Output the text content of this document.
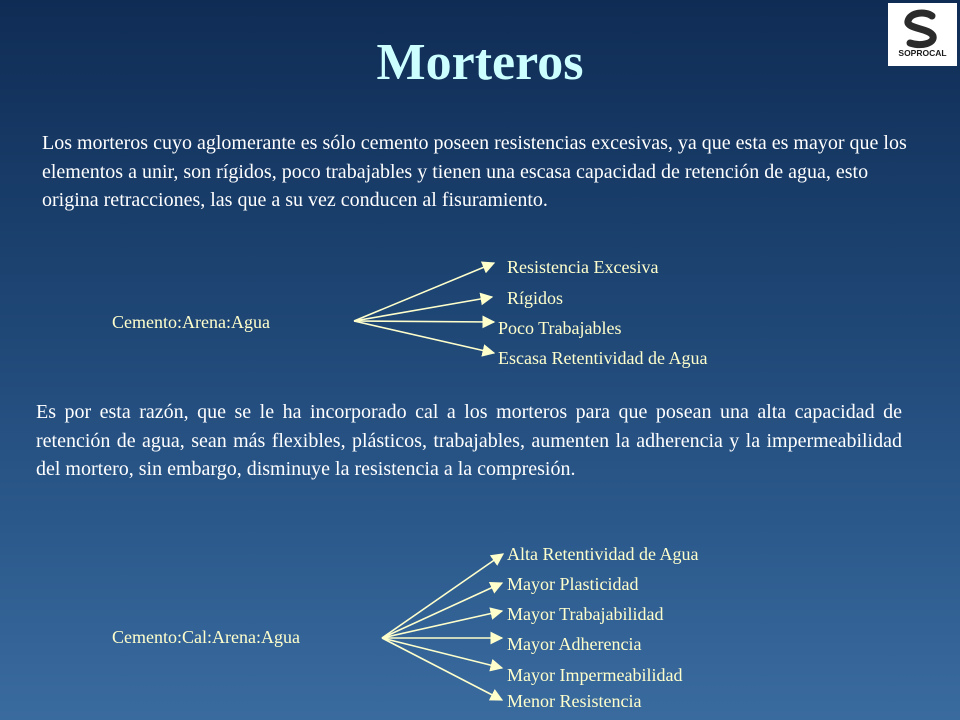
Morteros	SOPROCAL

Los morteros cuyo aglomerante es sólo cemento poseen resistencias excesivas, ya que esta es mayor que los elementos a unir, son rígidos, poco trabajables y tienen una escasa capacidad de retención de agua, esto origina retracciones, las que a su vez conducen al fisuramiento.

Cemento:Arena:Agua
Resistencia Excesiva
Rígidos
Poco Trabajables
Escasa Retentividad de Agua

Es por esta razón, que se le ha incorporado cal a los morteros para que posean una alta capacidad de retención de agua, sean más flexibles, plásticos, trabajables, aumenten la adherencia y la impermeabilidad del mortero, sin embargo, disminuye la resistencia a la compresión.

Cemento:Cal:Arena:Agua
Alta Retentividad de Agua
Mayor Plasticidad
Mayor Trabajabilidad
Mayor Adherencia
Mayor Impermeabilidad
Menor Resistencia
